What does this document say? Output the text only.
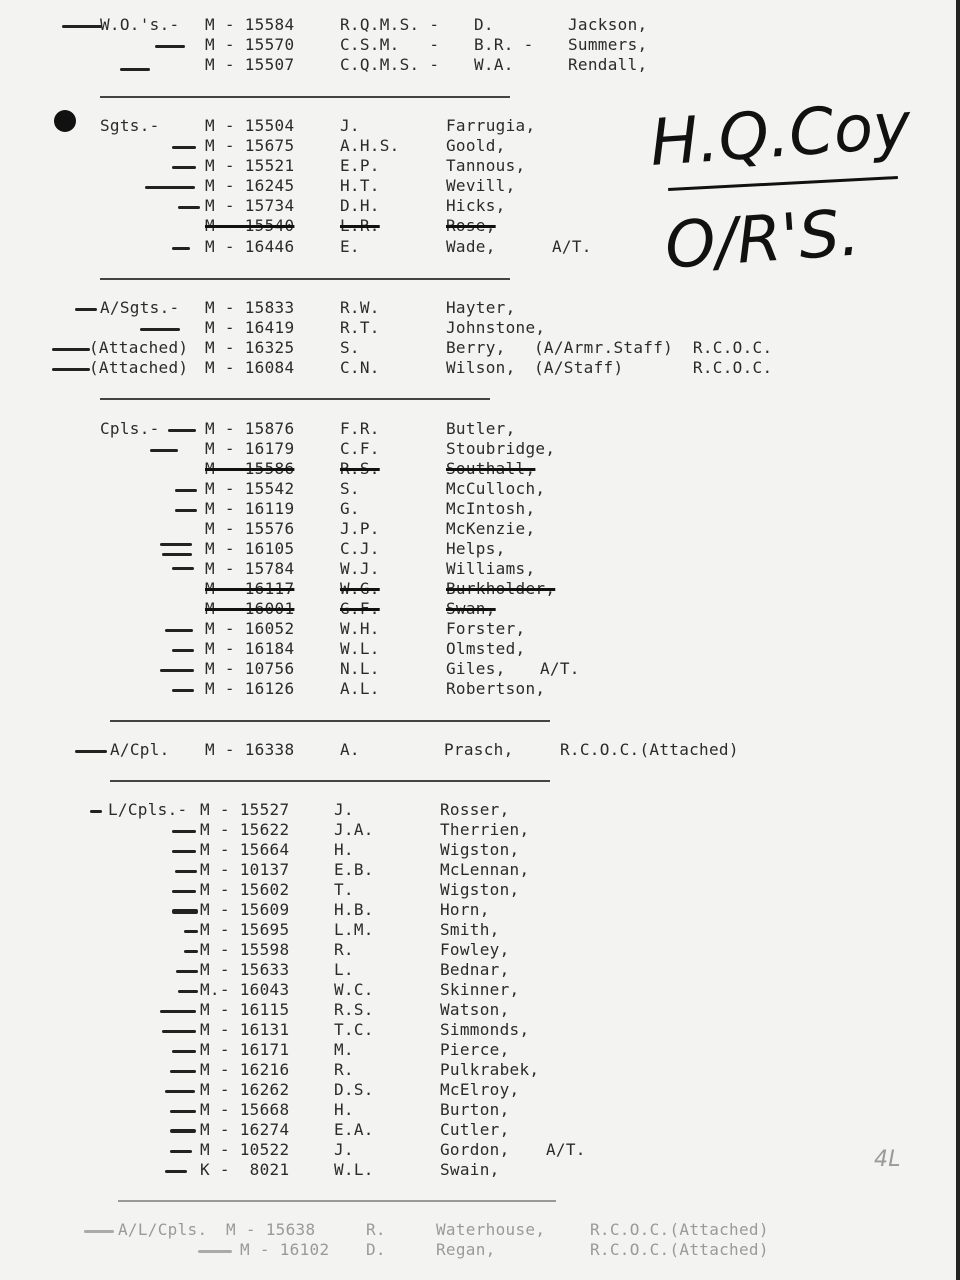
H.Q.Coy
O/R'S.
W.O.'s.- M - 15584	R.Q.M.S. - D.	Jackson,
M - 15570	C.S.M.   - B.R. - Summers,
M - 15507	C.Q.M.S. - W.A.	Rendall,
Sgts.-	M - 15504	J.	Farrugia,
M - 15675	A.H.S.	Goold,
M - 15521	E.P.	Tannous,
M - 16245	H.T.	Wevill,
M - 15734	D.H.	Hicks,
M - 15540	L.R.	Rose,
M - 16446	E.	Wade,	A/T.
A/Sgts.- M - 15833	R.W.	Hayter,
M - 16419	R.T.	Johnstone,
(Attached) M - 16325	S.	Berry, (A/Armr.Staff)  R.C.O.C.
(Attached) M - 16084	C.N.	Wilson, (A/Staff)       R.C.O.C.
Cpls.-	M - 15876	F.R.	Butler,
M - 16179	C.F.	Stoubridge,
M - 15586	R.S.	Southall,
M - 15542	S.	McCulloch,
M - 16119	G.	McIntosh,
M - 15576	J.P.	McKenzie,
M - 16105	C.J.	Helps,
M - 15784	W.J.	Williams,
M - 16117	W.G.	Burkholder,
M - 16001	G.F.	Swan,
M - 16052	W.H.	Forster,
M - 16184	W.L.	Olmsted,
M - 10756	N.L.	Giles, A/T.
M - 16126	A.L.	Robertson,
A/Cpl. M - 16338	A.	Prasch,	R.C.O.C.(Attached)
L/Cpls.- M - 15527	J.	Rosser,
M - 15622	J.A.	Therrien,
M - 15664	H.	Wigston,
M - 10137	E.B.	McLennan,
M - 15602	T.	Wigston,
M - 15609	H.B.	Horn,
M - 15695	L.M.	Smith,
M - 15598	R.	Fowley,
M - 15633	L.	Bednar,
M.- 16043	W.C.	Skinner,
M - 16115	R.S.	Watson,
M - 16131	T.C.	Simmonds,
M - 16171	M.	Pierce,
M - 16216	R.	Pulkrabek,
M - 16262	D.S.	McElroy,
M - 15668	H.	Burton,
M - 16274	E.A.	Cutler,
M - 10522	J.	Gordon, A/T.
K -  8021	W.L.	Swain,
A/L/Cpls. M - 15638	R.	Waterhouse,	R.C.O.C.(Attached)
M - 16102 D.	Regan,	R.C.O.C.(Attached)
4L
